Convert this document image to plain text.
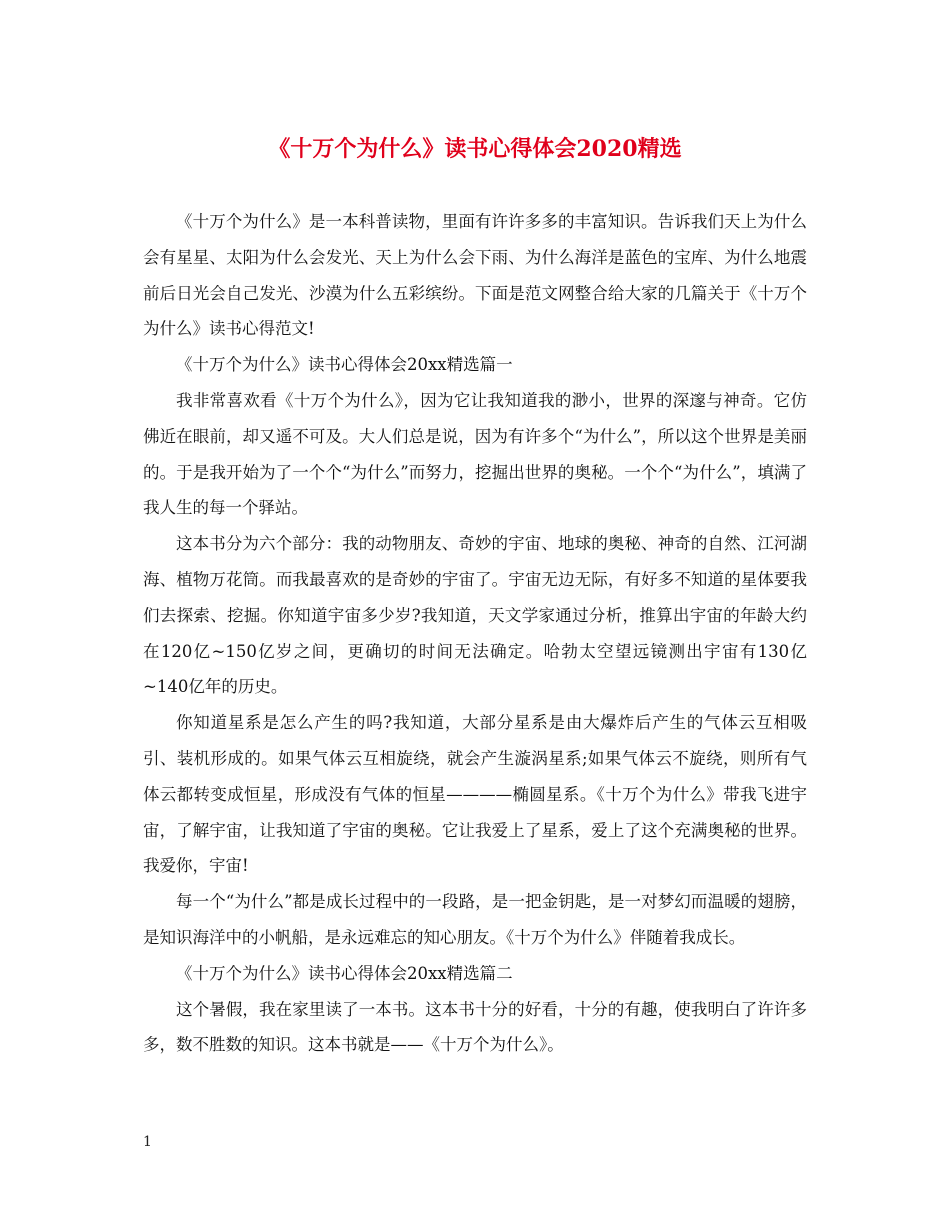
《十万个为什么》读书心得体会2020精选

《十万个为什么》是一本科普读物，里面有许许多多的丰富知识。告诉我们天上为什么会有星星、太阳为什么会发光、天上为什么会下雨、为什么海洋是蓝色的宝库、为什么地震前后日光会自己发光、沙漠为什么五彩缤纷。下面是范文网整合给大家的几篇关于《十万个为什么》读书心得范文!

《十万个为什么》读书心得体会20xx精选篇一

我非常喜欢看《十万个为什么》，因为它让我知道我的渺小，世界的深邃与神奇。它仿佛近在眼前，却又遥不可及。大人们总是说，因为有许多个“为什么”，所以这个世界是美丽的。于是我开始为了一个个“为什么”而努力，挖掘出世界的奥秘。一个个“为什么”，填满了我人生的每一个驿站。

这本书分为六个部分：我的动物朋友、奇妙的宇宙、地球的奥秘、神奇的自然、江河湖海、植物万花筒。而我最喜欢的是奇妙的宇宙了。宇宙无边无际，有好多不知道的星体要我们去探索、挖掘。你知道宇宙多少岁?我知道，天文学家通过分析，推算出宇宙的年龄大约在120亿~150亿岁之间，更确切的时间无法确定。哈勃太空望远镜测出宇宙有130亿~140亿年的历史。

你知道星系是怎么产生的吗?我知道，大部分星系是由大爆炸后产生的气体云互相吸引、装机形成的。如果气体云互相旋绕，就会产生漩涡星系;如果气体云不旋绕，则所有气体云都转变成恒星，形成没有气体的恒星————椭圆星系。《十万个为什么》带我飞进宇宙，了解宇宙，让我知道了宇宙的奥秘。它让我爱上了星系，爱上了这个充满奥秘的世界。我爱你，宇宙!

每一个“为什么”都是成长过程中的一段路，是一把金钥匙，是一对梦幻而温暖的翅膀，是知识海洋中的小帆船，是永远难忘的知心朋友。《十万个为什么》伴随着我成长。

《十万个为什么》读书心得体会20xx精选篇二

这个暑假，我在家里读了一本书。这本书十分的好看，十分的有趣，使我明白了许许多多，数不胜数的知识。这本书就是——《十万个为什么》。

1
